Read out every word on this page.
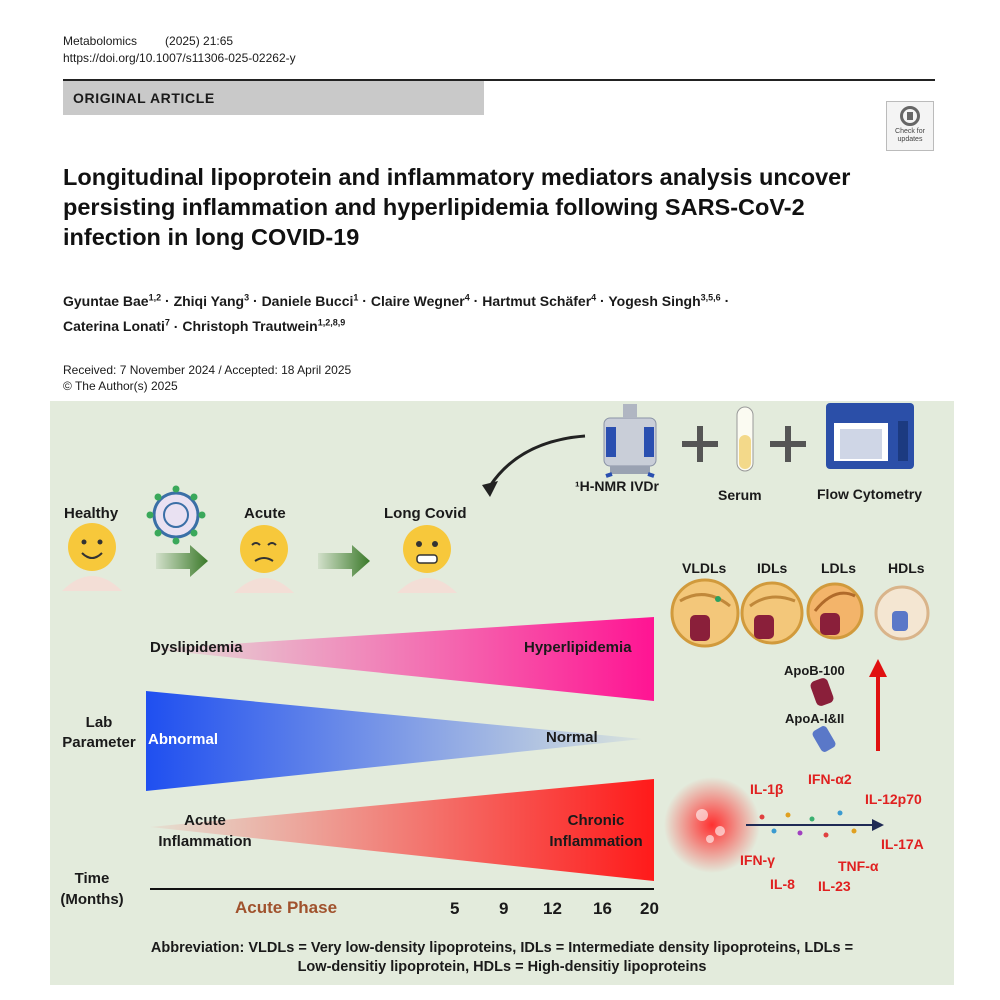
Metabolomics (2025) 21:65
https://doi.org/10.1007/s11306-025-02262-y
ORIGINAL ARTICLE
Check for updates
Longitudinal lipoprotein and inflammatory mediators analysis uncover persisting inflammation and hyperlipidemia following SARS-CoV-2 infection in long COVID-19
Gyuntae Bae$^{1,2}$ · Zhiqi Yang$^3$ · Daniele Bucci$^1$ · Claire Wegner$^4$ · Hartmut Schäfer$^4$ · Yogesh Singh$^{3,5,6}$ ·
Caterina Lonati$^7$ · Christoph Trautwein$^{1,2,8,9}$
Received: 7 November 2024 / Accepted: 18 April 2025
© The Author(s) 2025
¹H-NMR IVDr
Serum	Flow Cytometry
Healthy	Acute	Long Covid
VLDLs IDLs LDLs HDLs
ApoB-100
ApoA-I&II
Dyslipidemia	Hyperlipidemia
Lab
Parameter Abnormal	Normal
Acute
Inflammation
Chronic
Inflammation
IL-1β
IFN-α2
IL-12p70
IFN-γ
IL-8 IL-23
TNF-α
IL-17A
Time
(Months)	Acute Phase	5 9 12 16 20
Abbreviation: VLDLs = Very low-density lipoproteins, IDLs = Intermediate density lipoproteins, LDLs =
Low-densitiy lipoprotein, HDLs = High-densitiy lipoproteins
